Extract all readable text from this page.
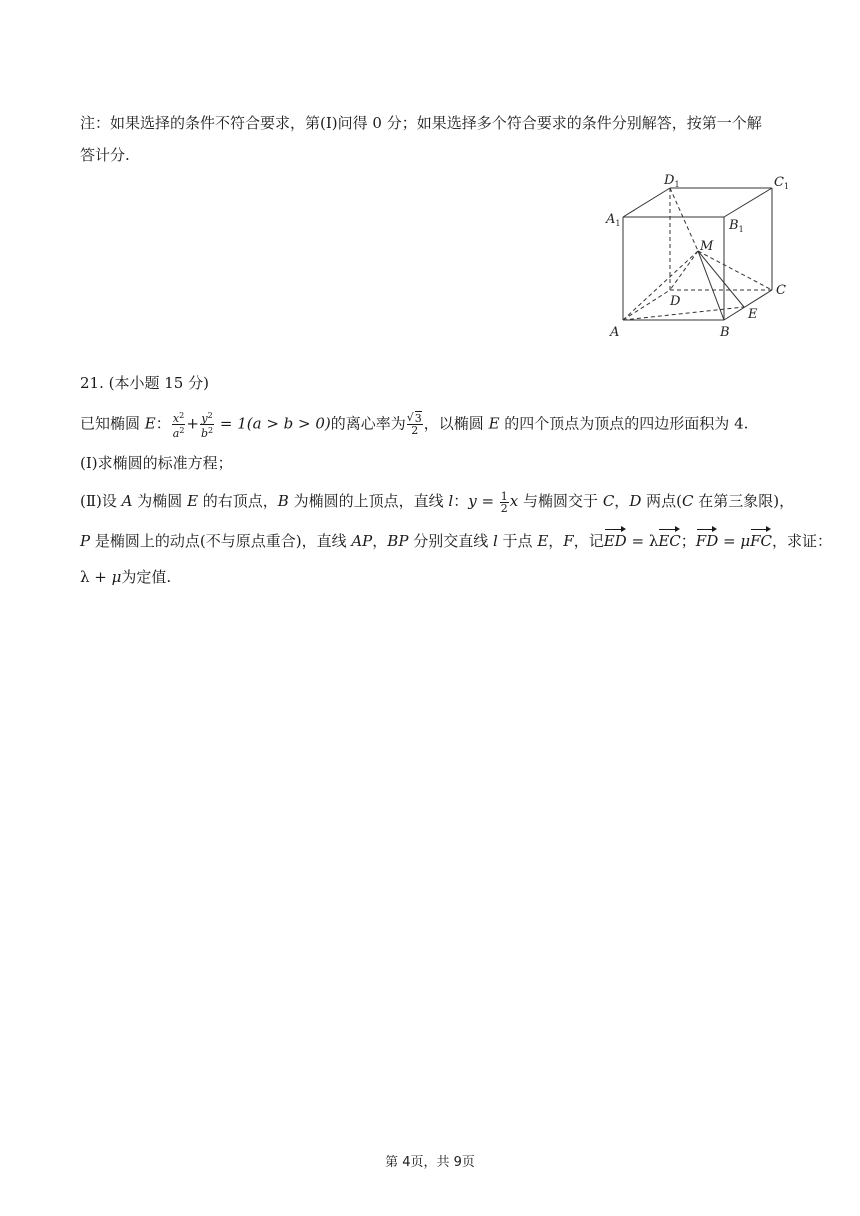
注：如果选择的条件不符合要求，第(Ⅰ)问得 0 分；如果选择多个符合要求的条件分别解答，按第一个解
答计分.
A	B
C
D
E
M
$A_1$	$B_1$
$C_1$
$D_1$
21. (本小题 15 分)
已知椭圆 E： $\frac{x^2}{a^2} + \frac{y^2}{b^2} = 1(a > b > 0)$的离心率为
√ $\frac{3}{2}$ ，以椭圆 E 的四个顶点为顶点的四边形面积为 4.
(Ⅰ)求椭圆的标准方程；
(Ⅱ)设 A 为椭圆 E 的右顶点，B 为椭圆的上顶点，直线 l：$y = \frac{1}{2}$ x 与椭圆交于 C，D 两点(C 在第三象限)，
P 是椭圆上的动点(不与原点重合)，直线 AP，BP 分别交直线 l 于点 E，F，记ED = λEC；FD = μFC，求证：
λ + μ为定值.
第 4页，共 9页
